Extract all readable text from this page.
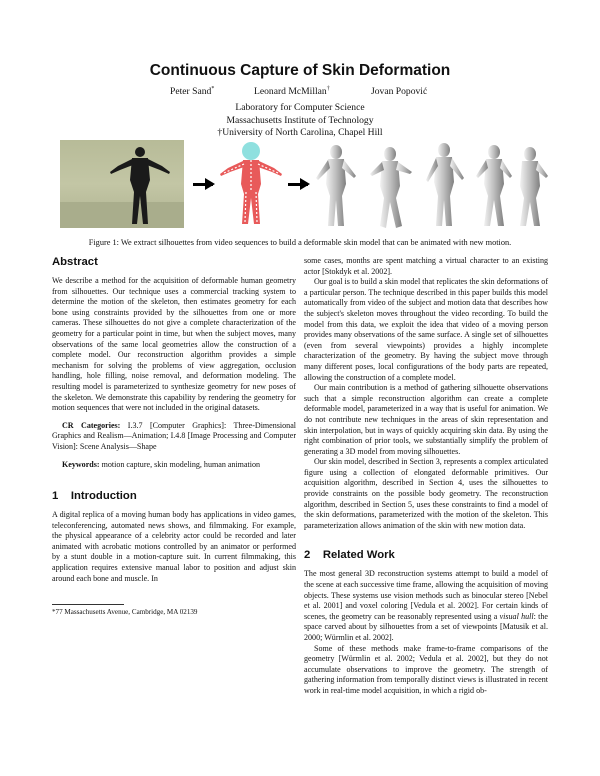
Continuous Capture of Skin Deformation
Peter Sand*	Leonard McMillan†	Jovan Popović
Laboratory for Computer Science
Massachusetts Institute of Technology
†University of North Carolina, Chapel Hill
Figure 1: We extract silhouettes from video sequences to build a deformable skin model that can be animated with new motion.
Abstract

We describe a method for the acquisition of deformable human geometry from silhouettes. Our technique uses a commercial tracking system to determine the motion of the skeleton, then estimates geometry for each bone using constraints provided by the silhouettes from one or more cameras. These silhouettes do not give a complete characterization of the geometry for a particular point in time, but when the subject moves, many observations of the same local geometries allow the construction of a complete model. Our reconstruction algorithm provides a simple mechanism for solving the problems of view aggregation, occlusion handling, hole filling, noise removal, and deformation modeling. The resulting model is parameterized to synthesize geometry for new poses of the skeleton. We demonstrate this capability by rendering the geometry for motion sequences that were not included in the original datasets.

CR Categories: I.3.7 [Computer Graphics]: Three-Dimensional Graphics and Realism—Animation; I.4.8 [Image Processing and Computer Vision]: Scene Analysis—Shape

Keywords: motion capture, skin modeling, human animation

1    Introduction

A digital replica of a moving human body has applications in video games, teleconferencing, automated news shows, and filmmaking. For example, the physical appearance of a celebrity actor could be recorded and later animated with acrobatic motions controlled by an animator or performed by a stunt double in a motion-capture suit. In current filmmaking, this application requires extensive manual labor to position and adjust skin around each bone and muscle. In

*77 Massachusetts Avenue, Cambridge, MA 02139

some cases, months are spent matching a virtual character to an existing actor [Stokdyk et al. 2002].

Our goal is to build a skin model that replicates the skin deformations of a particular person. The technique described in this paper builds this model automatically from video of the subject and motion data that describes how the subject's skeleton moves throughout the video recording. To build the model from this data, we exploit the idea that video of a moving person provides many observations of the same surface. A single set of silhouettes (even from several viewpoints) provides a highly incomplete characterization of the geometry. By having the subject move through many different poses, local configurations of the body parts are repeated, allowing the construction of a complete model.

Our main contribution is a method of gathering silhouette observations such that a simple reconstruction algorithm can create a complete deformable model, parameterized in a way that is useful for animation. We do not contribute new techniques in the areas of skin representation and skin interpolation, but in ways of quickly acquiring skin data. By using the right combination of prior tools, we substantially simplify the problem of generating a 3D model from moving silhouettes.

Our skin model, described in Section 3, represents a complex articulated figure using a collection of elongated deformable primitives. Our acquisition algorithm, described in Section 4, uses the silhouettes to provide constraints on the possible body geometry. The reconstruction algorithm, described in Section 5, uses these constraints to find a model of the skin deformations, parameterized with the motion of the skeleton. This parameterization allows animation of the skin with new motion data.

2    Related Work

The most general 3D reconstruction systems attempt to build a model of the scene at each successive time frame, allowing the acquisition of moving objects. These systems use vision methods such as binocular stereo [Nebel et al. 2001] and voxel coloring [Vedula et al. 2002]. For certain kinds of scenes, the geometry can be reasonably represented using a visual hull: the space carved about by silhouettes from a set of viewpoints [Matusik et al. 2000; Würmlin et al. 2002].

Some of these methods make frame-to-frame comparisons of the geometry [Würmlin et al. 2002; Vedula et al. 2002], but they do not accumulate observations to improve the geometry. The strength of gathering information from temporally distinct views is illustrated in recent work in real-time model acquisition, in which a rigid ob-
